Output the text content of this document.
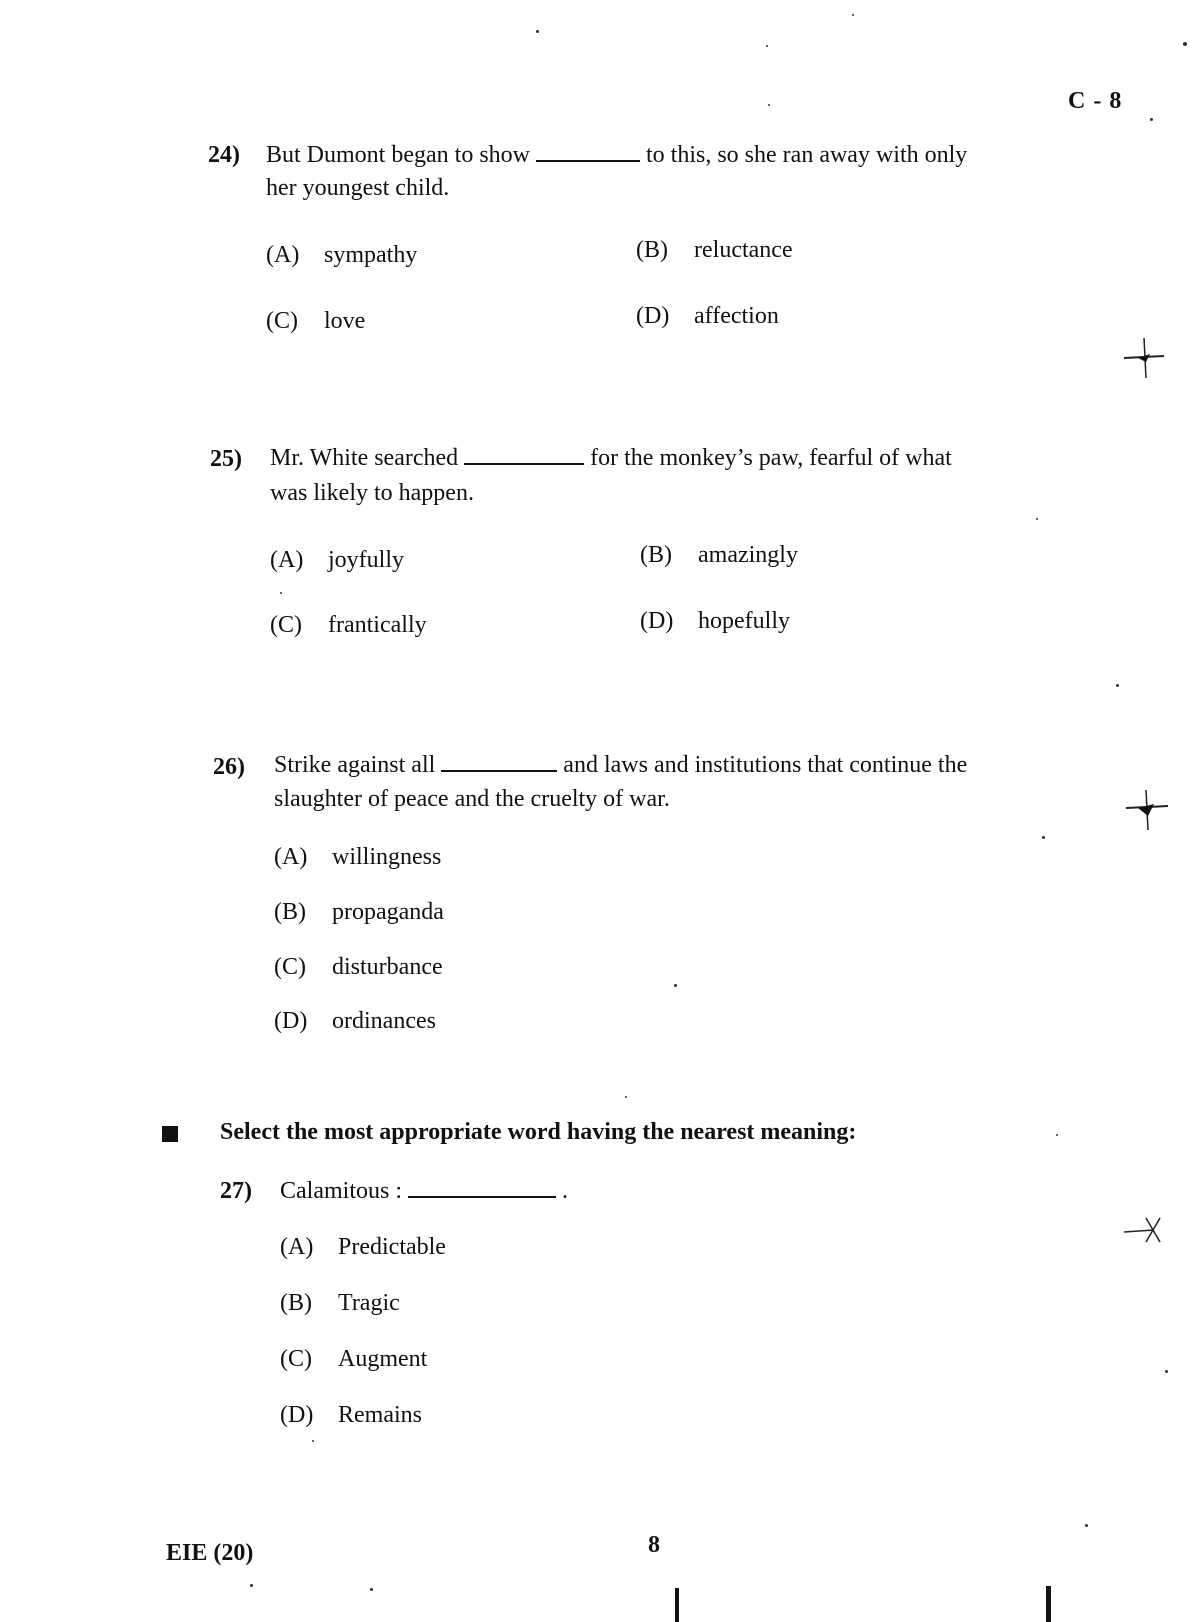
C - 8
24) But Dumont began to show	to this, so she ran away with only
her youngest child.
(A) sympathy	(B) reluctance
(C) love	(D) affection
25) Mr. White searched	for the monkey’s paw, fearful of what
was likely to happen.
(A) joyfully	(B) amazingly
(C) frantically	(D) hopefully
26) Strike against all	and laws and institutions that continue the
slaughter of peace and the cruelty of war.
(A) willingness
(B) propaganda
(C) disturbance
(D) ordinances
Select the most appropriate word having the nearest meaning:
27) Calamitous :	.
(A) Predictable
(B) Tragic
(C) Augment
(D) Remains
EIE (20)	8
